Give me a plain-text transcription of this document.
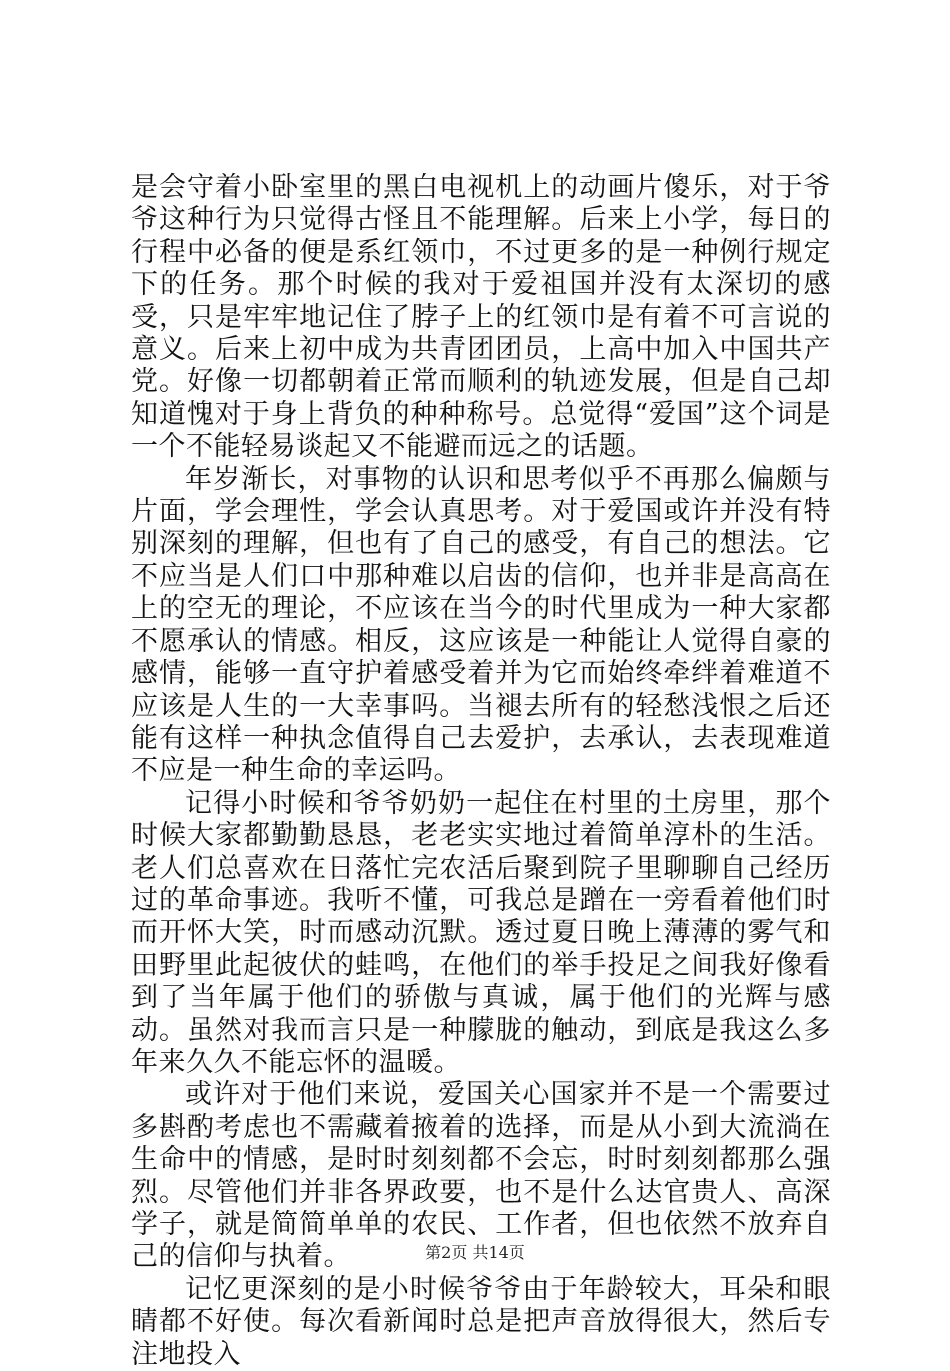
是会守着小卧室里的黑白电视机上的动画片傻乐，对于爷爷这种行为只觉得古怪且不能理解。后来上小学，每日的行程中必备的便是系红领巾，不过更多的是一种例行规定下的任务。那个时候的我对于爱祖国并没有太深切的感受，只是牢牢地记住了脖子上的红领巾是有着不可言说的意义。后来上初中成为共青团团员，上高中加入中国共产党。好像一切都朝着正常而顺利的轨迹发展，但是自己却知道愧对于身上背负的种种称号。总觉得“爱国”这个词是一个不能轻易谈起又不能避而远之的话题。

年岁渐长，对事物的认识和思考似乎不再那么偏颇与片面，学会理性，学会认真思考。对于爱国或许并没有特别深刻的理解，但也有了自己的感受，有自己的想法。它不应当是人们口中那种难以启齿的信仰，也并非是高高在上的空无的理论，不应该在当今的时代里成为一种大家都不愿承认的情感。相反，这应该是一种能让人觉得自豪的感情，能够一直守护着感受着并为它而始终牵绊着难道不应该是人生的一大幸事吗。当褪去所有的轻愁浅恨之后还能有这样一种执念值得自己去爱护，去承认，去表现难道不应是一种生命的幸运吗。

记得小时候和爷爷奶奶一起住在村里的土房里，那个时候大家都勤勤恳恳，老老实实地过着简单淳朴的生活。老人们总喜欢在日落忙完农活后聚到院子里聊聊自己经历过的革命事迹。我听不懂，可我总是蹭在一旁看着他们时而开怀大笑，时而感动沉默。透过夏日晚上薄薄的雾气和田野里此起彼伏的蛙鸣，在他们的举手投足之间我好像看到了当年属于他们的骄傲与真诚，属于他们的光辉与感动。虽然对我而言只是一种朦胧的触动，到底是我这么多年来久久不能忘怀的温暖。

或许对于他们来说，爱国关心国家并不是一个需要过多斟酌考虑也不需藏着掖着的选择，而是从小到大流淌在生命中的情感，是时时刻刻都不会忘，时时刻刻都那么强烈。尽管他们并非各界政要，也不是什么达官贵人、高深学子，就是简简单单的农民、工作者，但也依然不放弃自己的信仰与执着。

记忆更深刻的是小时候爷爷由于年龄较大，耳朵和眼睛都不好使。每次看新闻时总是把声音放得很大，然后专注地投入

第2页 共14页
